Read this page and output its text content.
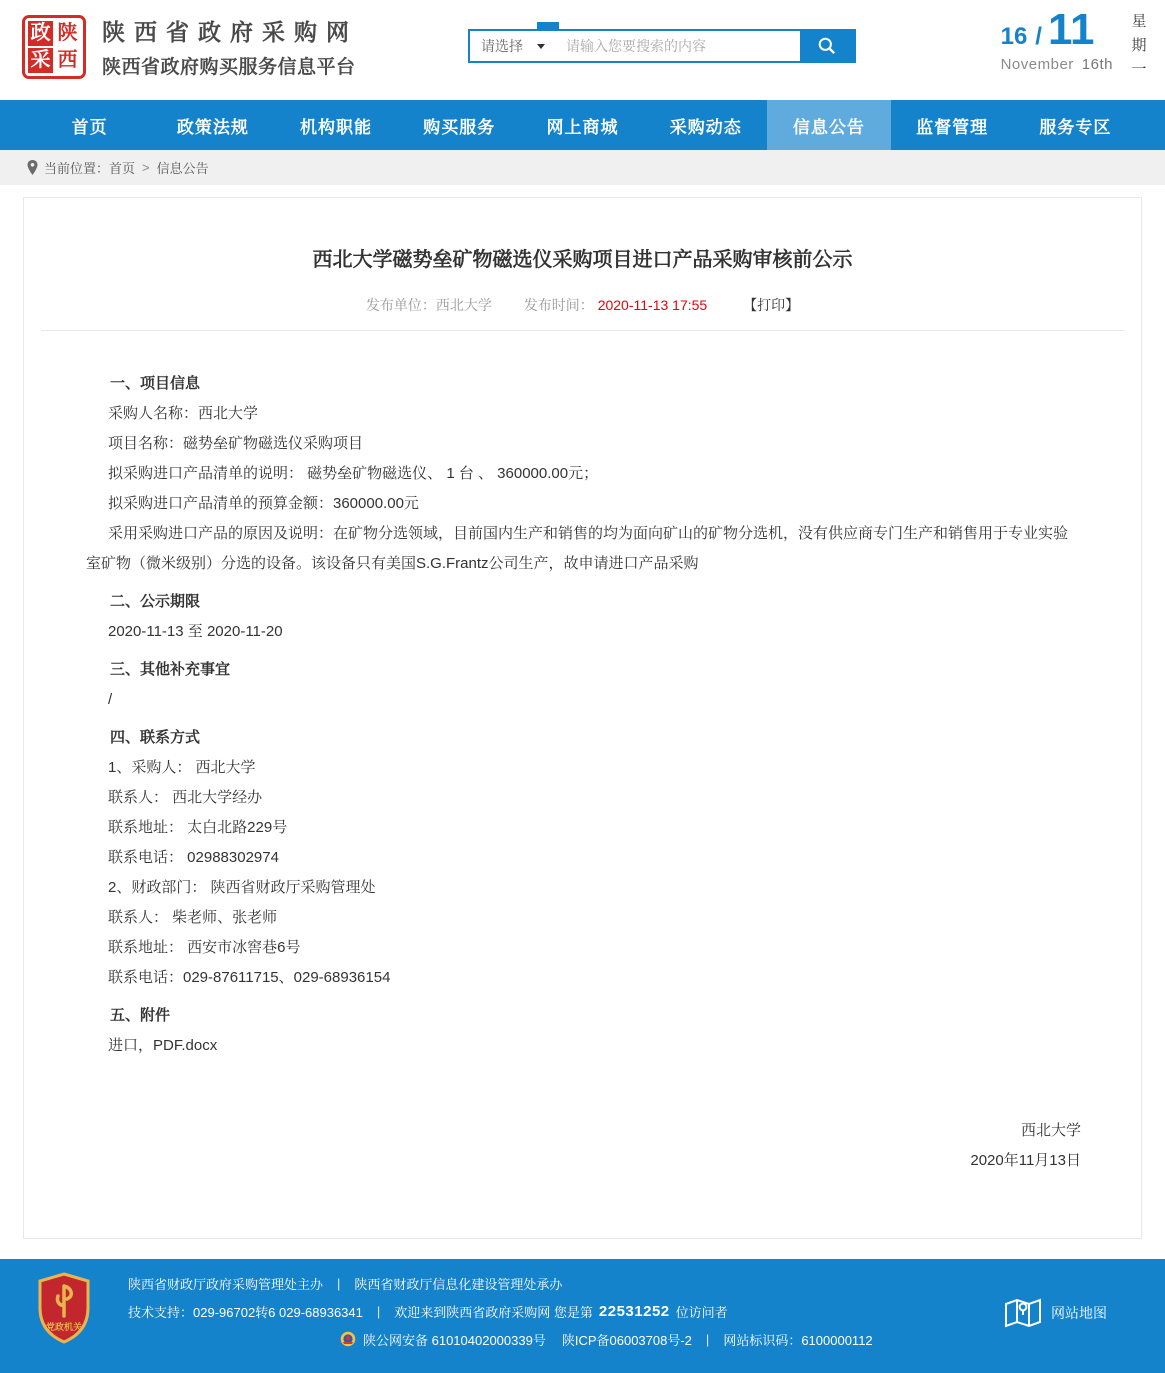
政 陕
采 西
陕西省政府采购网
陕西省政府购买服务信息平台
请选择
请输入您要搜索的内容	16 / 11
November 16th
星期一
首页	政策法规	机构职能	购买服务	网上商城	采购动态	信息公告	监督管理	服务专区
当前位置： 首页 > 信息公告
西北大学磁势垒矿物磁选仪采购项目进口产品采购审核前公示
发布单位：西北大学 发布时间： 2020-11-13 17:55	【打印】
一、项目信息
采购人名称：西北大学
项目名称：磁势垒矿物磁选仪采购项目
拟采购进口产品清单的说明： 磁势垒矿物磁选仪、 1 台 、 360000.00元；
拟采购进口产品清单的预算金额：360000.00元
采用采购进口产品的原因及说明：在矿物分选领域，目前国内生产和销售的均为面向矿山的矿物分选机，没有供应商专门生产和销售用于专业实验室矿物（微米级别）分选的设备。该设备只有美国S.G.Frantz公司生产，故申请进口产品采购
二、公示期限
2020-11-13 至 2020-11-20
三、其他补充事宜
/
四、联系方式
1、采购人： 西北大学
联系人： 西北大学经办
联系地址： 太白北路229号
联系电话： 02988302974
2、财政部门： 陕西省财政厅采购管理处
联系人： 柴老师、张老师
联系地址： 西安市冰窖巷6号
联系电话：029-87611715、029-68936154
五、附件
进口，PDF.docx
西北大学
2020年11月13日
党政机关
陕西省财政厅政府采购管理处主办 | 陕西省财政厅信息化建设管理处承办
技术支持：029-96702转6 029-68936341 | 欢迎来到陕西省政府采购网 您是第 22531252 位访问者
陕公网安备 61010402000339号 陕ICP备06003708号-2 | 网站标识码：6100000112
网站地图
